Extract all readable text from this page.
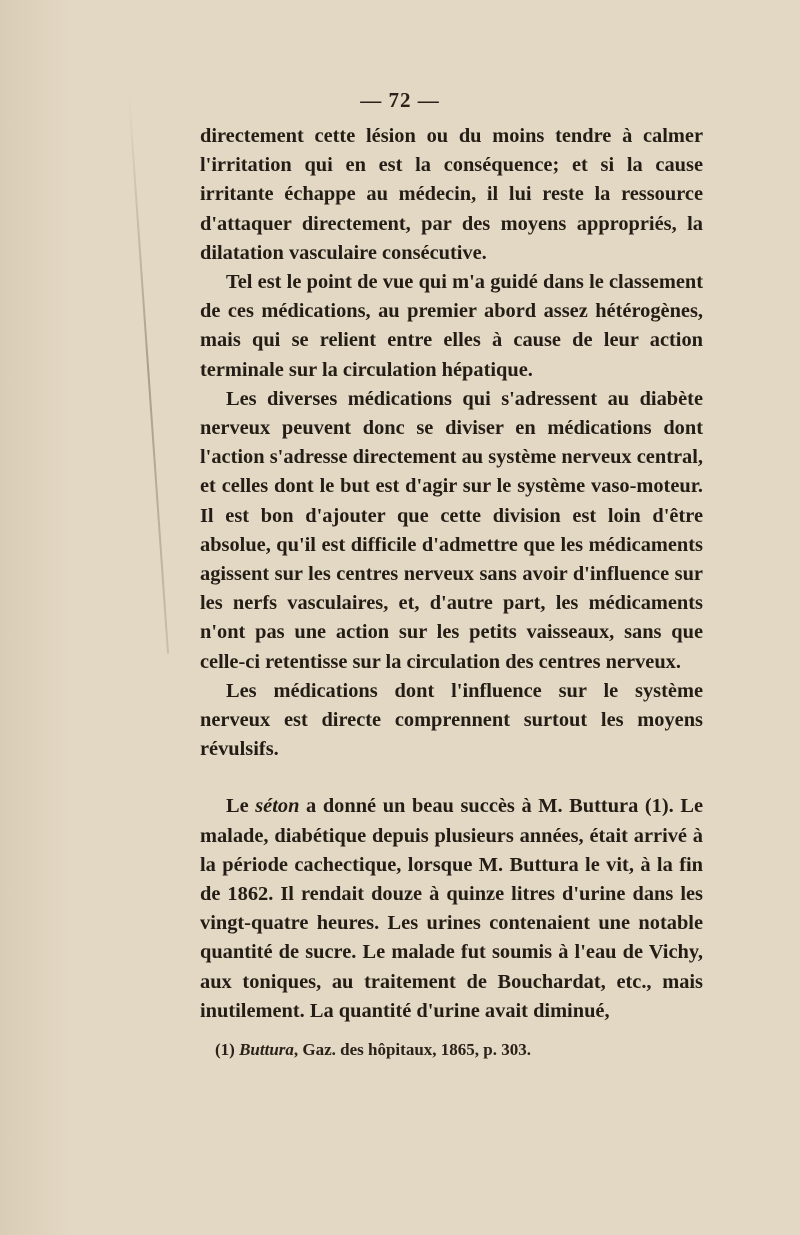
— 72 —

directement cette lésion ou du moins tendre à calmer l'irritation qui en est la conséquence; et si la cause irritante échappe au médecin, il lui reste la ressource d'attaquer directement, par des moyens appropriés, la dilatation vasculaire consécutive.

Tel est le point de vue qui m'a guidé dans le classement de ces médications, au premier abord assez hétérogènes, mais qui se relient entre elles à cause de leur action terminale sur la circulation hépatique.

Les diverses médications qui s'adressent au diabète nerveux peuvent donc se diviser en médications dont l'action s'adresse directement au système nerveux central, et celles dont le but est d'agir sur le système vaso-moteur. Il est bon d'ajouter que cette division est loin d'être absolue, qu'il est difficile d'admettre que les médicaments agissent sur les centres nerveux sans avoir d'influence sur les nerfs vasculaires, et, d'autre part, les médicaments n'ont pas une action sur les petits vaisseaux, sans que celle-ci retentisse sur la circulation des centres nerveux.

Les médications dont l'influence sur le système nerveux est directe comprennent surtout les moyens révulsifs.

Le séton a donné un beau succès à M. Buttura (1). Le malade, diabétique depuis plusieurs années, était arrivé à la période cachectique, lorsque M. Buttura le vit, à la fin de 1862. Il rendait douze à quinze litres d'urine dans les vingt-quatre heures. Les urines contenaient une notable quantité de sucre. Le malade fut soumis à l'eau de Vichy, aux toniques, au traitement de Bouchardat, etc., mais inutilement. La quantité d'urine avait diminué,

(1) Buttura, Gaz. des hôpitaux, 1865, p. 303.
